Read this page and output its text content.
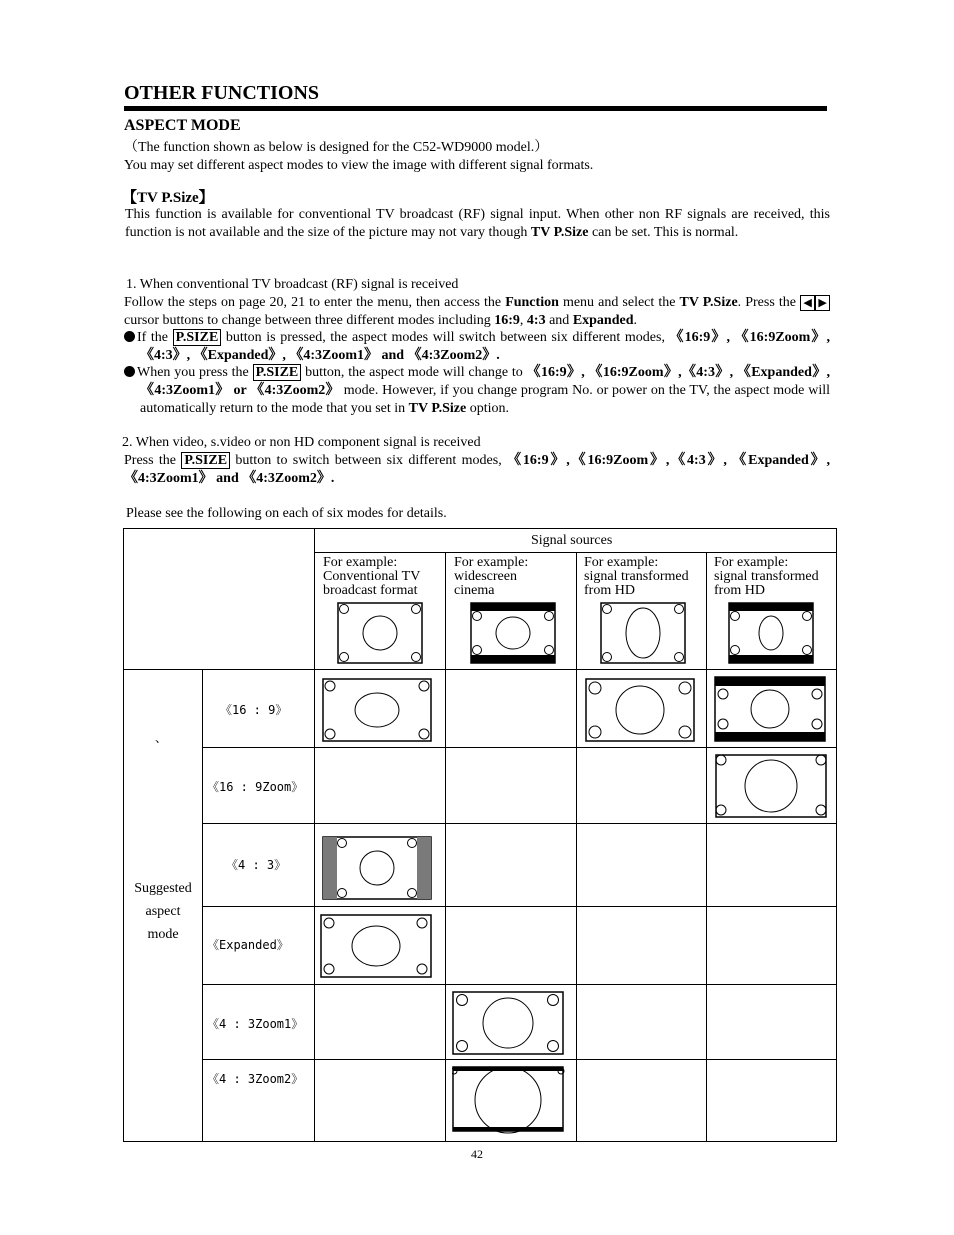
OTHER FUNCTIONS
ASPECT MODE
（The function shown as below is designed for the C52-WD9000 model.）
You may set different aspect modes to view the image with different signal formats.
【TV P.Size】
This function is available for conventional TV broadcast (RF) signal input. When other non RF signals are received, this function is not available and the size of the picture may not vary though TV P.Size can be set. This is normal.
1. When conventional TV broadcast (RF) signal is received
Follow the steps on page 20, 21 to enter the menu, then access the Function menu and select the TV P.Size. Press the ◀ ▶ cursor buttons to change between three different modes including 16:9, 4:3 and Expanded.
If the P.SIZE button is pressed, the aspect modes will switch between six different modes, 《16:9》, 《16:9Zoom》,《4:3》, 《Expanded》, 《4:3Zoom1》 and 《4:3Zoom2》.
When you press the P.SIZE button, the aspect mode will change to 《16:9》, 《16:9Zoom》,《4:3》, 《Expanded》,《4:3Zoom1》 or 《4:3Zoom2》 mode. However, if you change program No. or power on the TV, the aspect mode will automatically return to the mode that you set in TV P.Size option.
2. When video, s.video or non HD component signal is received
Press the P.SIZE button to switch between six different modes, 《16:9》,《16:9Zoom》,《4:3》, 《Expanded》, 《4:3Zoom1》 and 《4:3Zoom2》.
Please see the following on each of six modes for details.
Signal sources
For example:
Conventional TV
broadcast format
For example:
widescreen
cinema
For example:
signal transformed
from HD
For example:
signal transformed
from HD
、
Suggested
aspect
mode
《16 : 9》
《16 : 9Zoom》
《4 : 3》
《Expanded》
《4 : 3Zoom1》
《4 : 3Zoom2》
42
